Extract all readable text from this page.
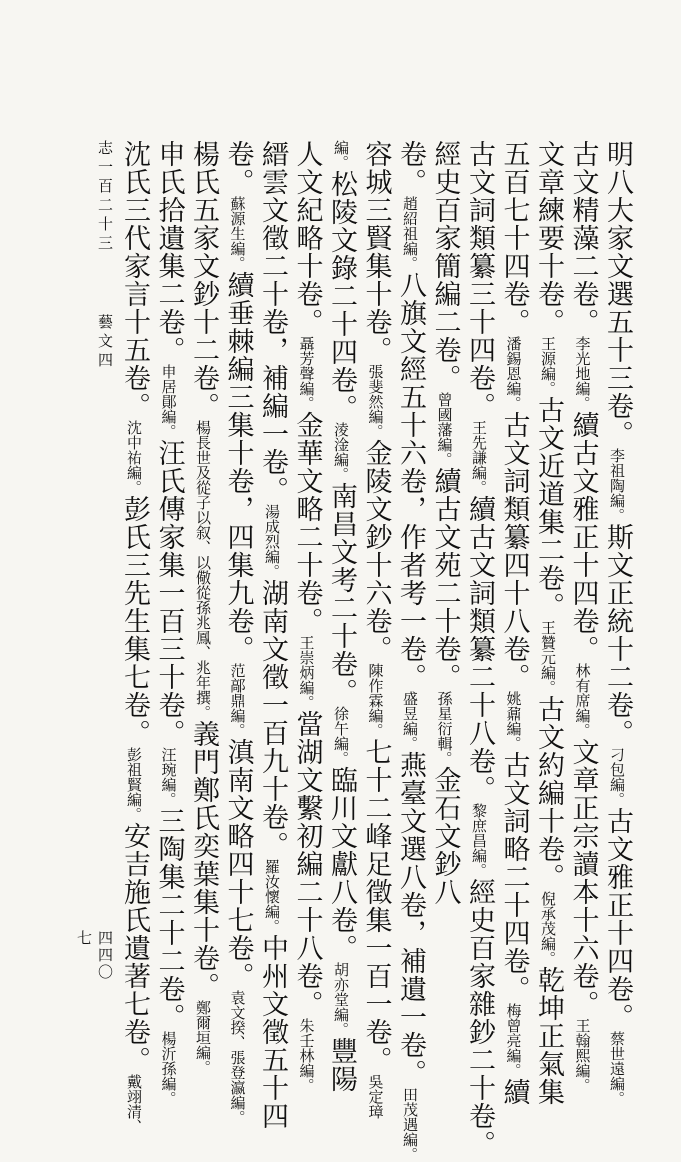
志一百二十三藝文四
四四〇七
明八大家文選五十三卷。李祖陶編。斯文正統十二卷。刁包編。古文雅正十四卷。蔡世遠編。
古文精藻二卷。李光地編。續古文雅正十四卷。林有席編。文章正宗讀本十六卷。王翰熙編。
文章練要十卷。王源編。古文近道集二卷。王贊元編。古文約編十卷。倪承茂編。乾坤正氣集
五百七十四卷。潘錫恩編。古文詞類纂四十八卷。姚鼐編。古文詞略二十四卷。梅曾亮編。續
古文詞類纂三十四卷。王先謙編。續古文詞類纂二十八卷。黎庶昌編。經史百家雜鈔二十卷。
經史百家簡編二卷。曾國藩編。續古文苑二十卷。孫星衍輯。金石文鈔八
卷。趙紹祖編。八旗文經五十六卷，作者考一卷。盛昱編。燕臺文選八卷，補遺一卷。田茂遇編。
容城三賢集十卷。張斐然編。金陵文鈔十六卷。陳作霖編。七十二峰足徵集一百一卷。吳定璋
編。松陵文錄二十四卷。淩淦編。南昌文考二十卷。徐午編。臨川文獻八卷。胡亦堂編。豐陽
人文紀略十卷。聶芳聲編。金華文略二十卷。王崇炳編。當湖文繫初編二十八卷。朱壬林編。
縉雲文徵二十卷，補編一卷。湯成烈編。湖南文徵一百九十卷。羅汝懷編。中州文徵五十四
卷。蘇源生編。續垂棘編三集十卷，四集九卷。范鄗鼎編。滇南文略四十七卷。袁文揆、張登瀛編。
楊氏五家文鈔十二卷。楊長世及從子以叙、以儆從孫兆鳳、兆年撰。義門鄭氏奕葉集十卷。鄭爾垣編。
申氏拾遺集二卷。申居鄖編。汪氏傳家集一百三十卷。汪琬編。三陶集二十二卷。楊沂孫編。
沈氏三代家言十五卷。沈中祐編。彭氏三先生集七卷。彭祖賢編。安吉施氏遺著七卷。戴翊清、
